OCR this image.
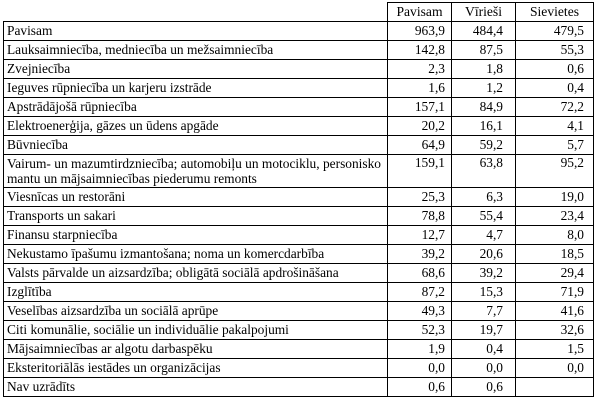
	Pavisam	Vīrieši	Sievietes
Pavisam	963,9	484,4	479,5
Lauksaimniecība, medniecība un mežsaimniecība	142,8	87,5	55,3
Zvejniecība	2,3	1,8	0,6
Ieguves rūpniecība un karjeru izstrāde	1,6	1,2	0,4
Apstrādājošā rūpniecība	157,1	84,9	72,2
Elektroenerģija, gāzes un ūdens apgāde	20,2	16,1	4,1
Būvniecība	64,9	59,2	5,7
Vairum- un mazumtirdzniecība; automobiļu un motociklu, personisko mantu un mājsaimniecības piederumu remonts	159,1	63,8	95,2
Viesnīcas un restorāni	25,3	6,3	19,0
Transports un sakari	78,8	55,4	23,4
Finansu starpniecība	12,7	4,7	8,0
Nekustamo īpašumu izmantošana; noma un komercdarbība	39,2	20,6	18,5
Valsts pārvalde un aizsardzība; obligātā sociālā apdrošināšana	68,6	39,2	29,4
Izglītība	87,2	15,3	71,9
Veselības aizsardzība un sociālā aprūpe	49,3	7,7	41,6
Citi komunālie, sociālie un individuālie pakalpojumi	52,3	19,7	32,6
Mājsaimniecības ar algotu darbaspēku	1,9	0,4	1,5
Eksteritoriālās iestādes un organizācijas	0,0	0,0	0,0
Nav uzrādīts	0,6	0,6	
